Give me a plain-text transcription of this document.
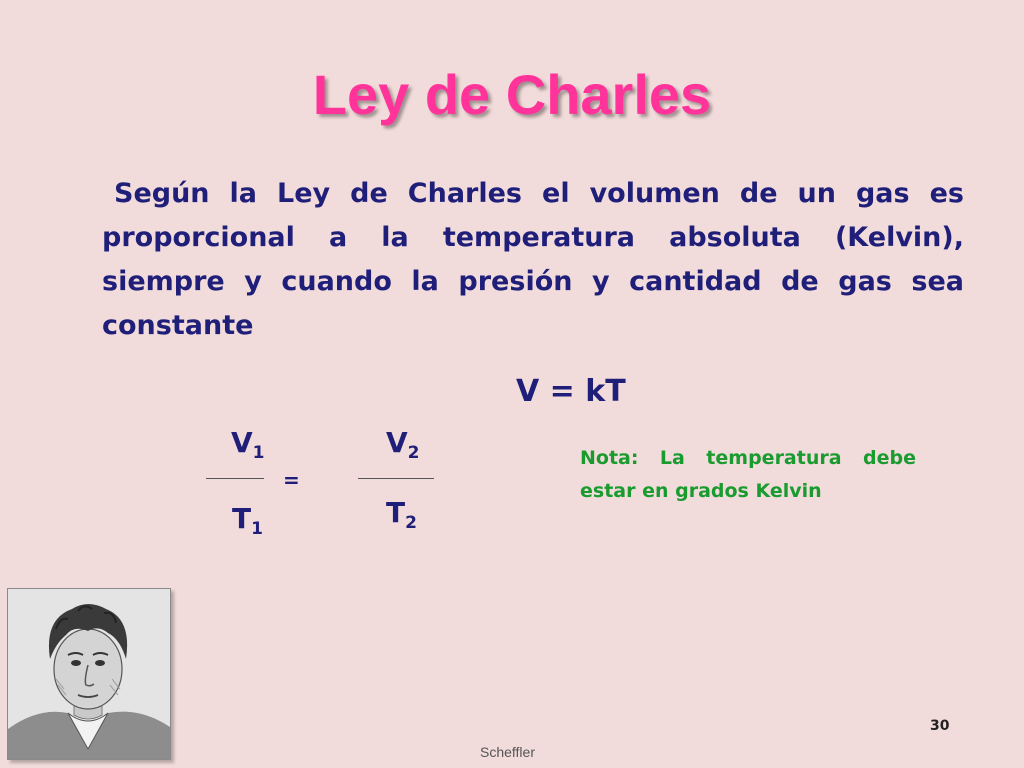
Ley de Charles
Según la Ley de Charles el volumen de un gas es proporcional a la temperatura absoluta (Kelvin), siempre y cuando la presión y cantidad de gas sea constante
V = kT
$V_1$
$T_1$
=
$V_2$
$T_2$
Nota: La temperatura debe estar en grados Kelvin
30
Scheffler
